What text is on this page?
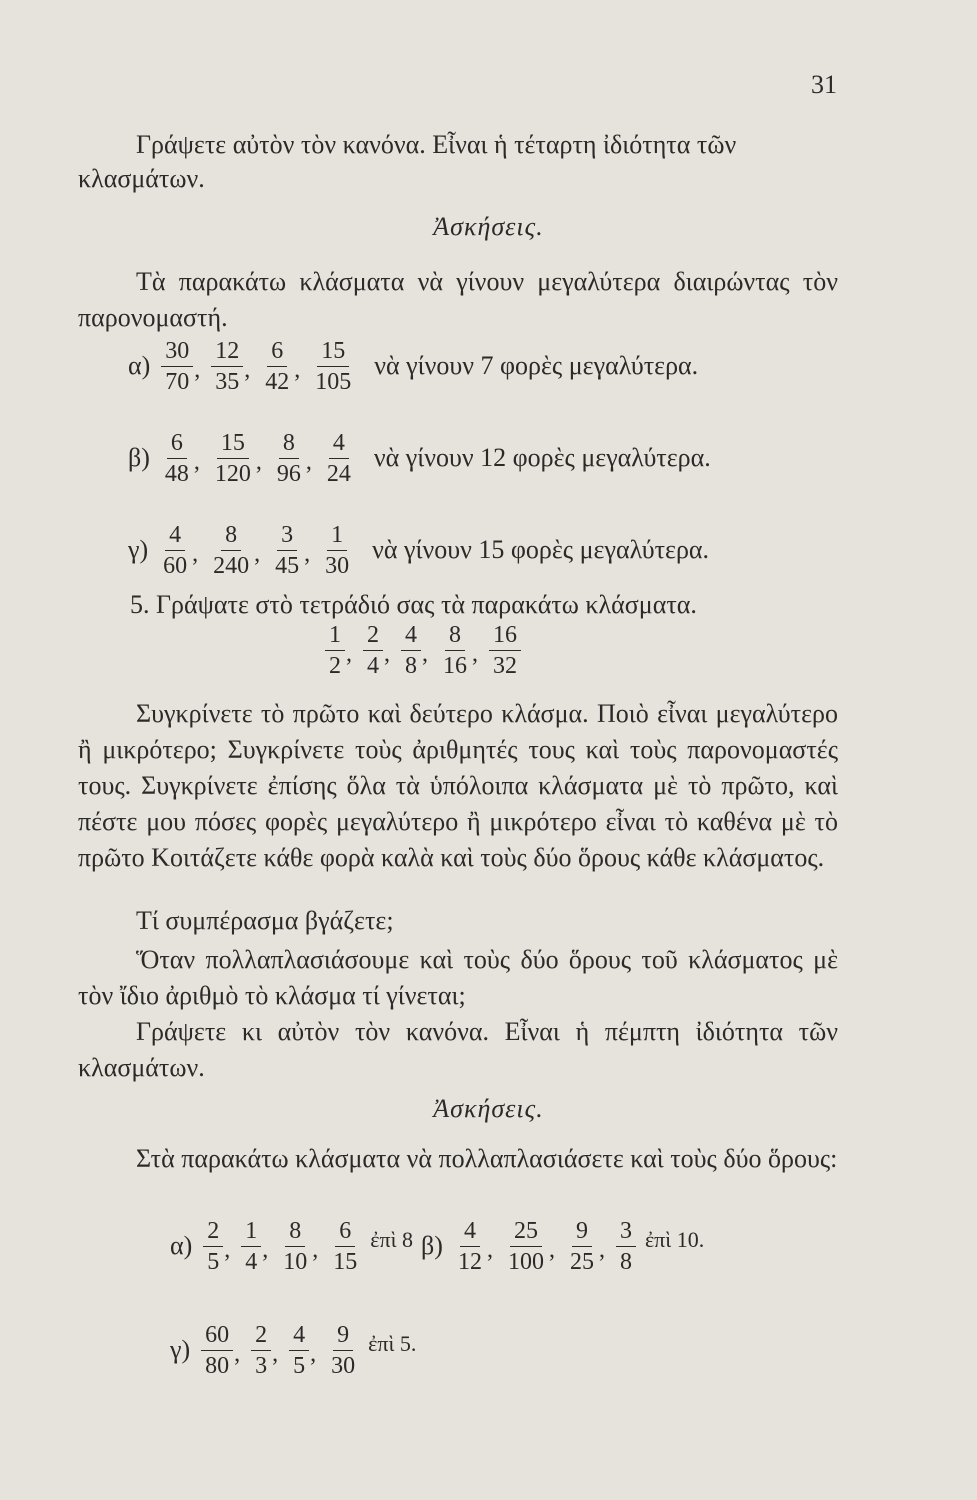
31
Γράψετε αὐτὸν τὸν κανόνα. Εἶναι ἡ τέταρτη ἰδιότητα τῶν
κλασμάτων.
Ἀσκήσεις.
Τὰ παρακάτω κλάσματα νὰ γίνουν μεγαλύτερα διαιρώντας τὸν παρονομαστή.
$\alpha) \frac{30}{70}$ , $\frac{12}{35}$ , $\frac{6}{42}$ , $\frac{15}{105}$ νὰ γίνουν 7 φορὲς μεγαλύτερα.
$\beta) \frac{6}{48}$ , $\frac{15}{120}$ , $\frac{8}{96}$ , $\frac{4}{24}$ νὰ γίνουν 12 φορὲς μεγαλύτερα.
$\gamma) \frac{4}{60}$ , $\frac{8}{240}$ , $\frac{3}{45}$ , $\frac{1}{30}$ νὰ γίνουν 15 φορὲς μεγαλύτερα.
5. Γράψατε στὸ τετράδιό σας τὰ παρακάτω κλάσματα.
$\frac{1}{2}$ , $\frac{2}{4}$ , $\frac{4}{8}$ , $\frac{8}{16}$ , $\frac{16}{32}$
Συγκρίνετε τὸ πρῶτο καὶ δεύτερο κλάσμα. Ποιὸ εἶναι μεγαλύτερο ἢ μικρότερο; Συγκρίνετε τοὺς ἀριθμητές τους καὶ τοὺς παρονομαστές τους. Συγκρίνετε ἐπίσης ὅλα τὰ ὑπόλοιπα κλάσματα μὲ τὸ πρῶτο, καὶ πέστε μου πόσες φορὲς μεγαλύτερο ἢ μικρότερο εἶναι τὸ καθένα μὲ τὸ πρῶτο Κοιτάζετε κάθε φορὰ καλὰ καὶ τοὺς δύο ὅρους κάθε κλάσματος.
Τί συμπέρασμα βγάζετε;
Ὅταν πολλαπλασιάσουμε καὶ τοὺς δύο ὅρους τοῦ κλάσματος μὲ τὸν ἴδιο ἀριθμὸ τὸ κλάσμα τί γίνεται;
Γράψετε κι αὐτὸν τὸν κανόνα. Εἶναι ἡ πέμπτη ἰδιότητα τῶν κλασμάτων.
Ἀσκήσεις.
Στὰ παρακάτω κλάσματα νὰ πολλαπλασιάσετε καὶ τοὺς δύο ὅρους:
$\alpha) \frac{2}{5}$ , $\frac{1}{4}$ , $\frac{8}{10}$ , $\frac{6}{15}$ ἐπὶ 8 $\beta) \frac{4}{12}$ , $\frac{25}{100}$ , $\frac{9}{25}$ , $\frac{3}{8}$ ἐπὶ 10.
$\gamma) \frac{60}{80}$ , $\frac{2}{3}$ , $\frac{4}{5}$ , $\frac{9}{30}$ ἐπὶ 5.
